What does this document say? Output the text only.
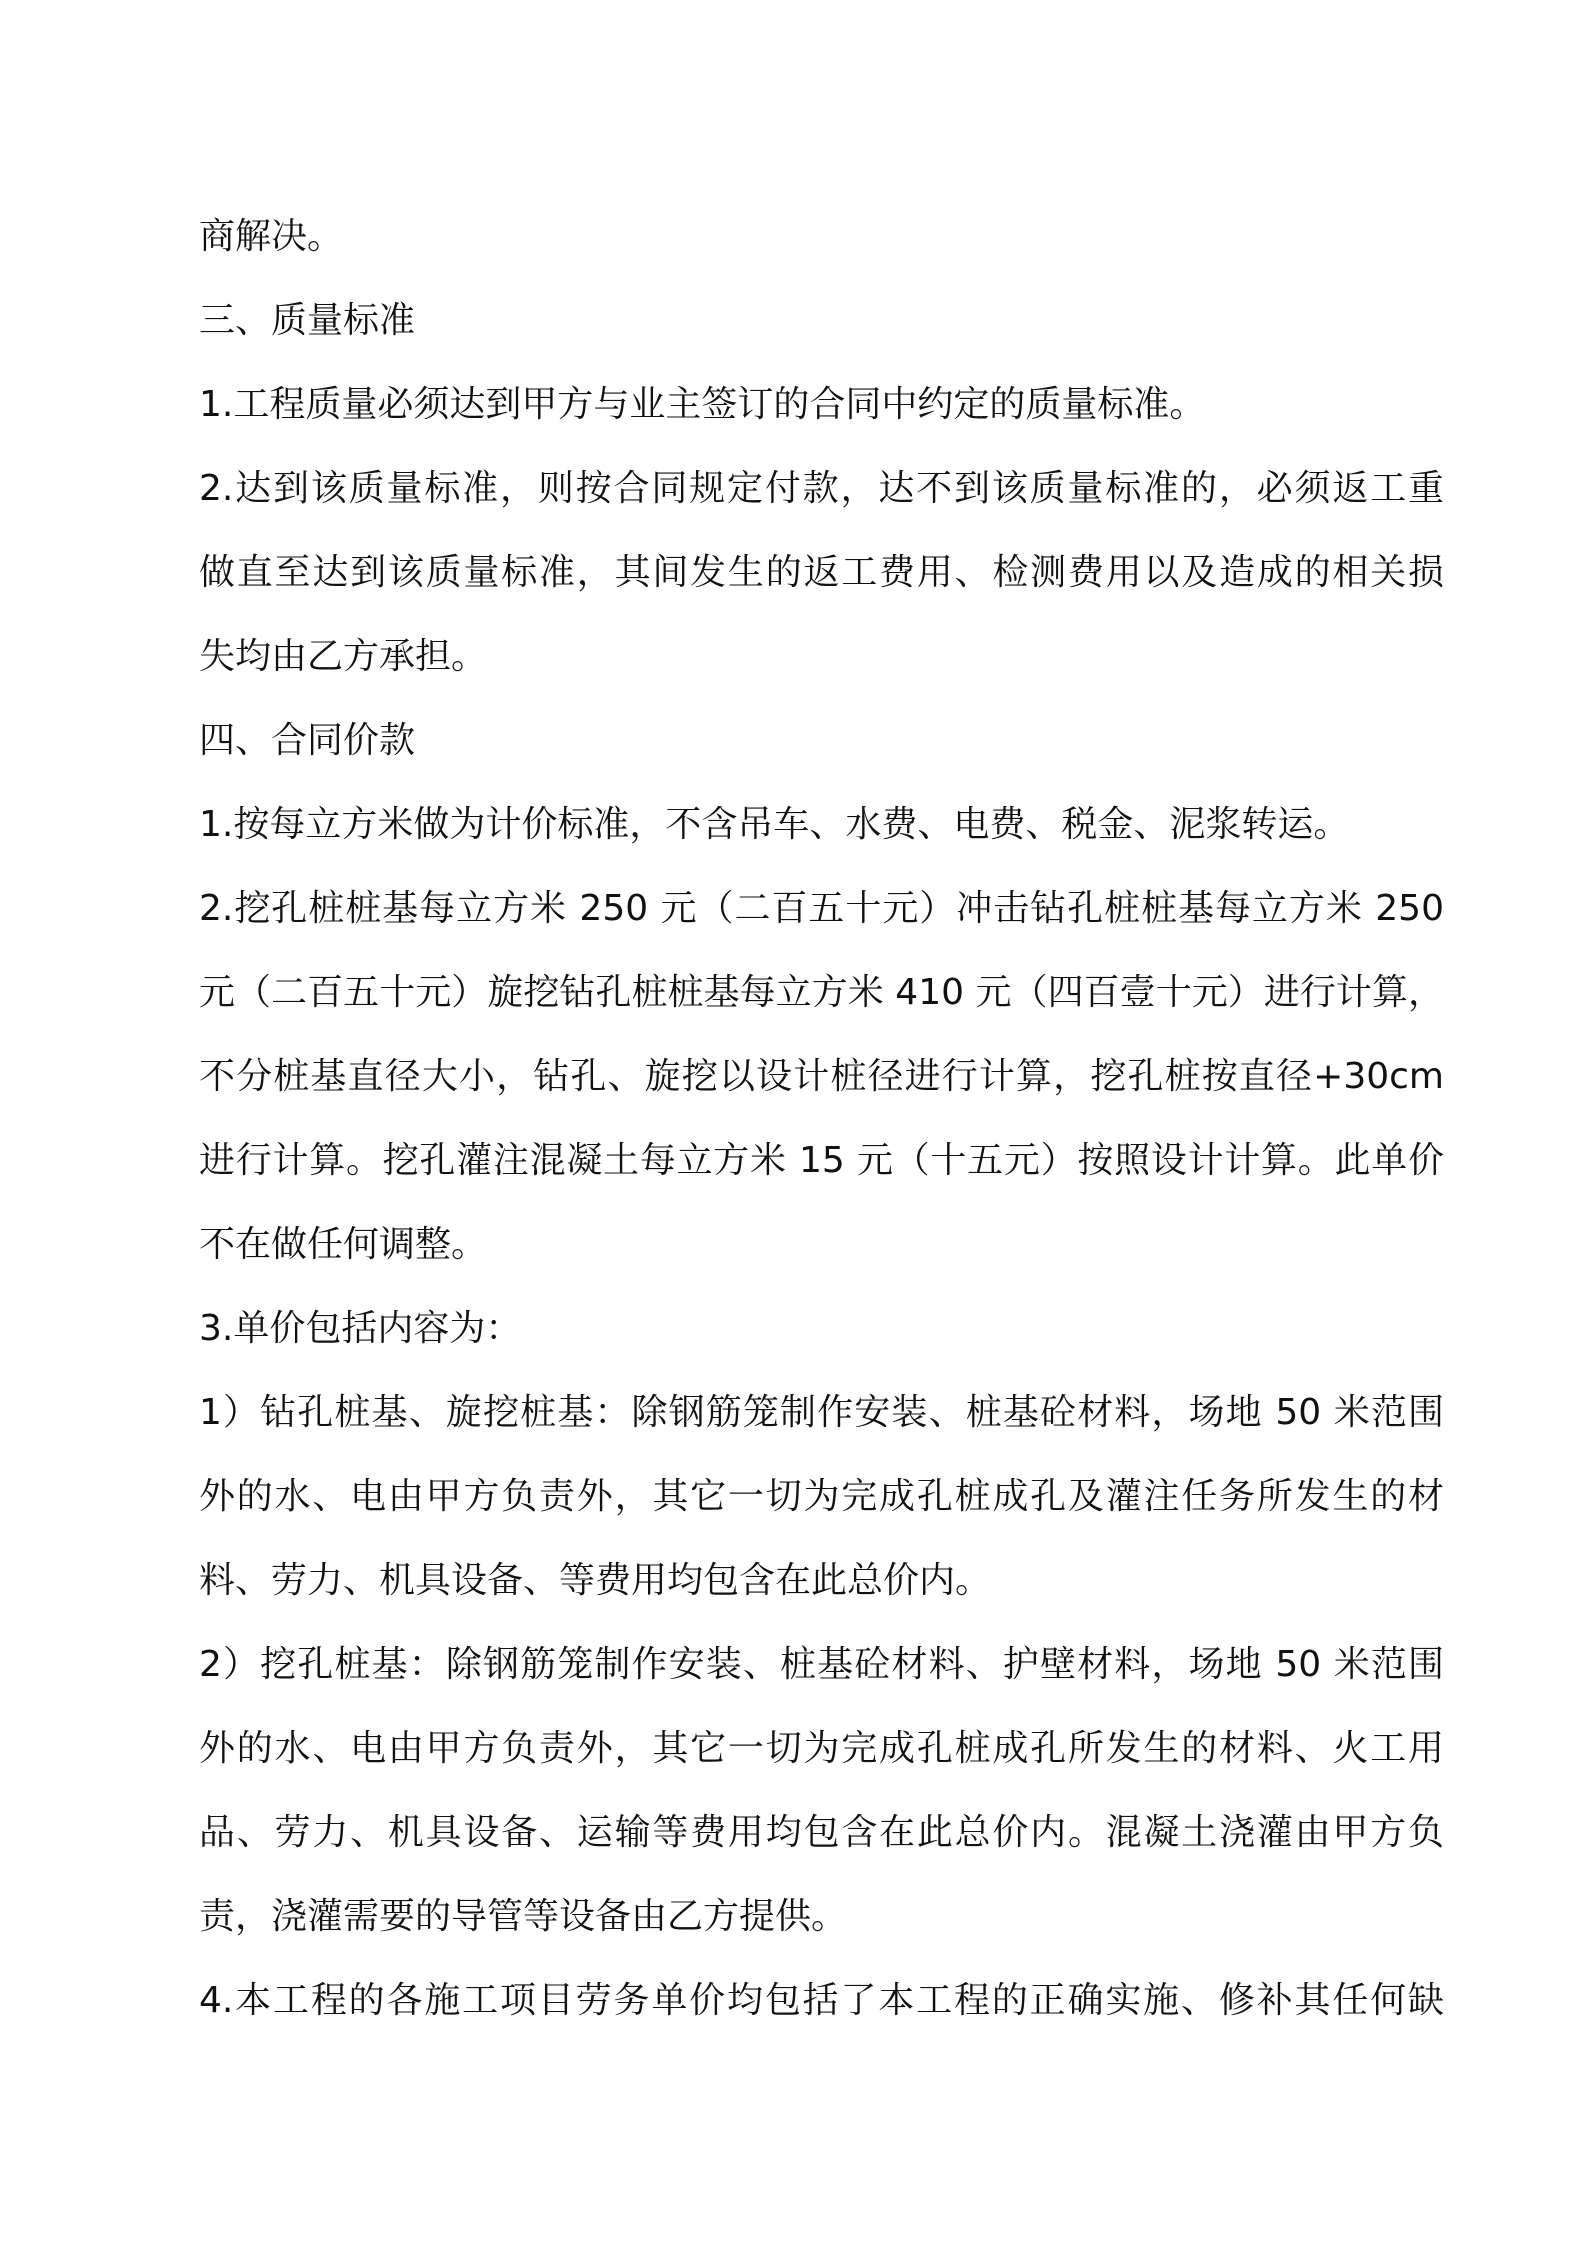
商解决。
三、质量标准
1.工程质量必须达到甲方与业主签订的合同中约定的质量标准。
2.达到该质量标准，则按合同规定付款，达不到该质量标准的，必须返工重
做直至达到该质量标准，其间发生的返工费用、检测费用以及造成的相关损
失均由乙方承担。
四、合同价款
1.按每立方米做为计价标准，不含吊车、水费、电费、税金、泥浆转运。
2.挖孔桩桩基每立方米 250 元（二百五十元）冲击钻孔桩桩基每立方米 250
元（二百五十元）旋挖钻孔桩桩基每立方米 410 元（四百壹十元）进行计算，
不分桩基直径大小，钻孔、旋挖以设计桩径进行计算，挖孔桩按直径+30cm
进行计算。挖孔灌注混凝土每立方米 15 元（十五元）按照设计计算。此单价
不在做任何调整。
3.单价包括内容为：
1）钻孔桩基、旋挖桩基：除钢筋笼制作安装、桩基砼材料，场地 50 米范围
外的水、电由甲方负责外，其它一切为完成孔桩成孔及灌注任务所发生的材
料、劳力、机具设备、等费用均包含在此总价内。
2）挖孔桩基：除钢筋笼制作安装、桩基砼材料、护壁材料，场地 50 米范围
外的水、电由甲方负责外，其它一切为完成孔桩成孔所发生的材料、火工用
品、劳力、机具设备、运输等费用均包含在此总价内。混凝土浇灌由甲方负
责，浇灌需要的导管等设备由乙方提供。
4.本工程的各施工项目劳务单价均包括了本工程的正确实施、修补其任何缺
